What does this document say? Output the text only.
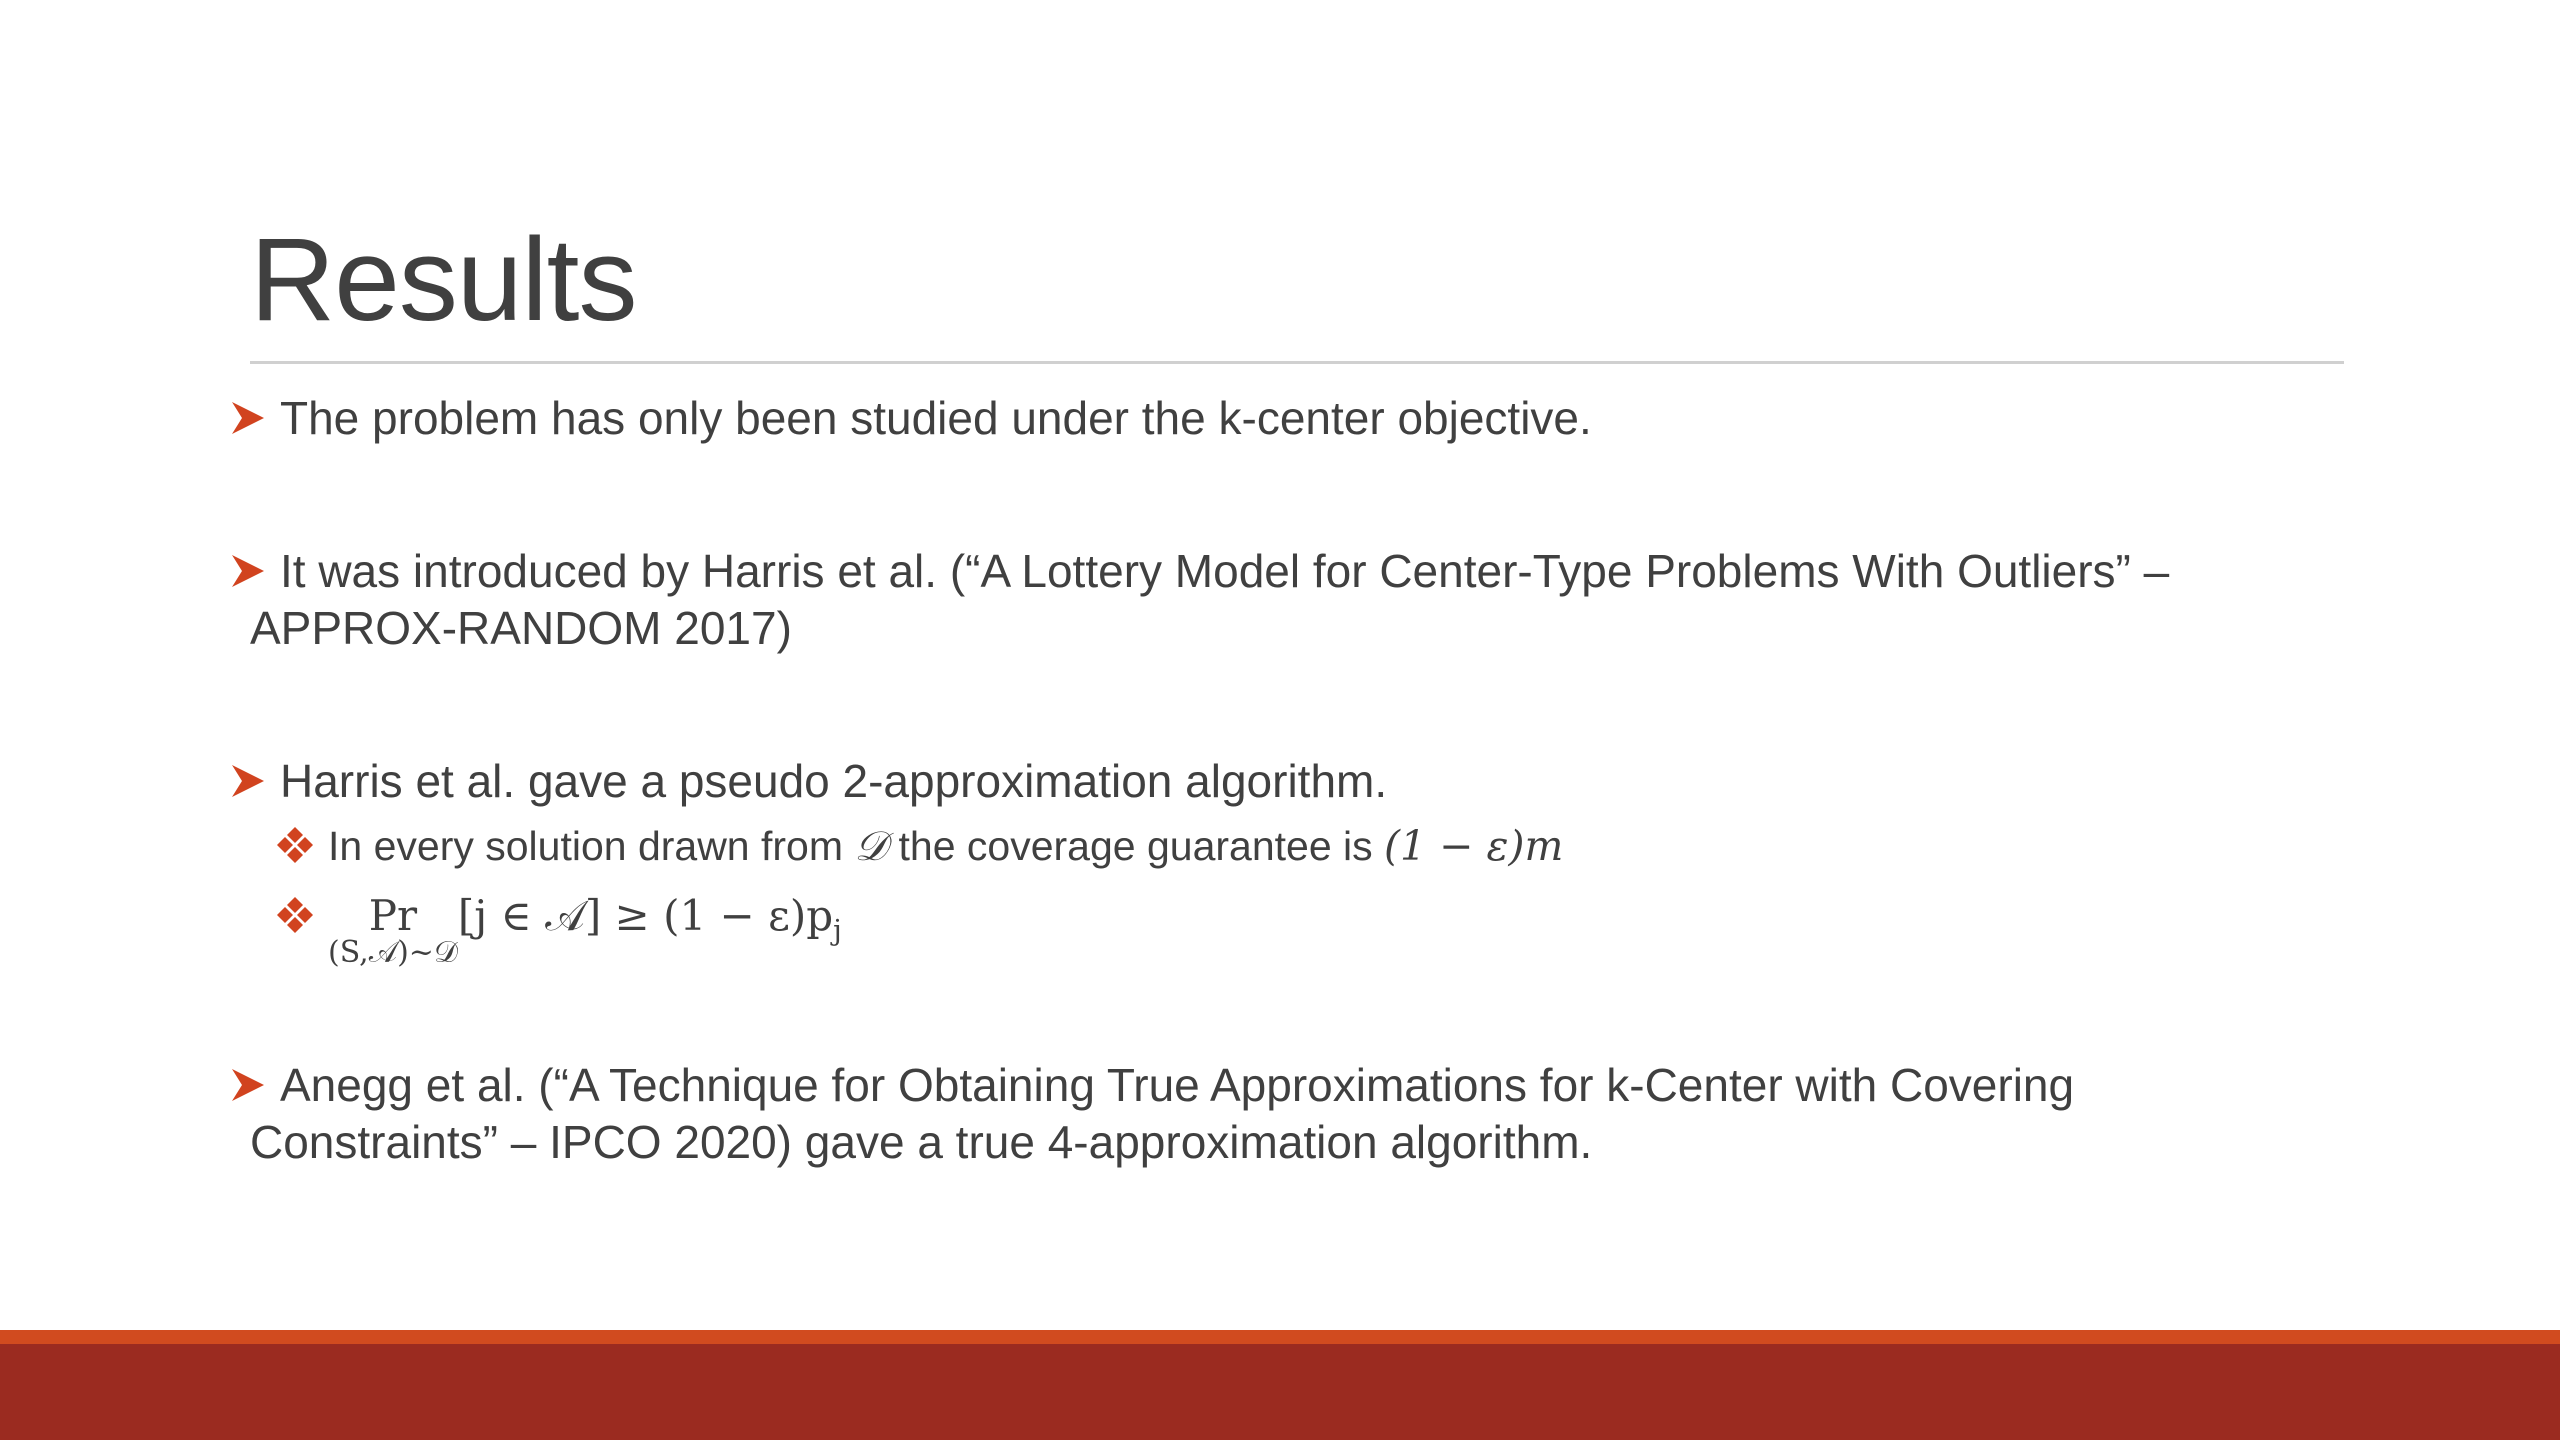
Results
The problem has only been studied under the k-center objective.
It was introduced by Harris et al. (“A Lottery Model for Center-Type Problems With Outliers” –
APPROX-RANDOM 2017)
Harris et al. gave a pseudo 2-approximation algorithm.
In every solution drawn from 𝒟 the coverage guarantee is (1 − ε)m
Pr
(S,𝒜)~𝒟
[j ∈ 𝒜] ≥ $(1 - \varepsilon)p_j$
Anegg et al. (“A Technique for Obtaining True Approximations for k-Center with Covering
Constraints” – IPCO 2020) gave a true 4-approximation algorithm.
